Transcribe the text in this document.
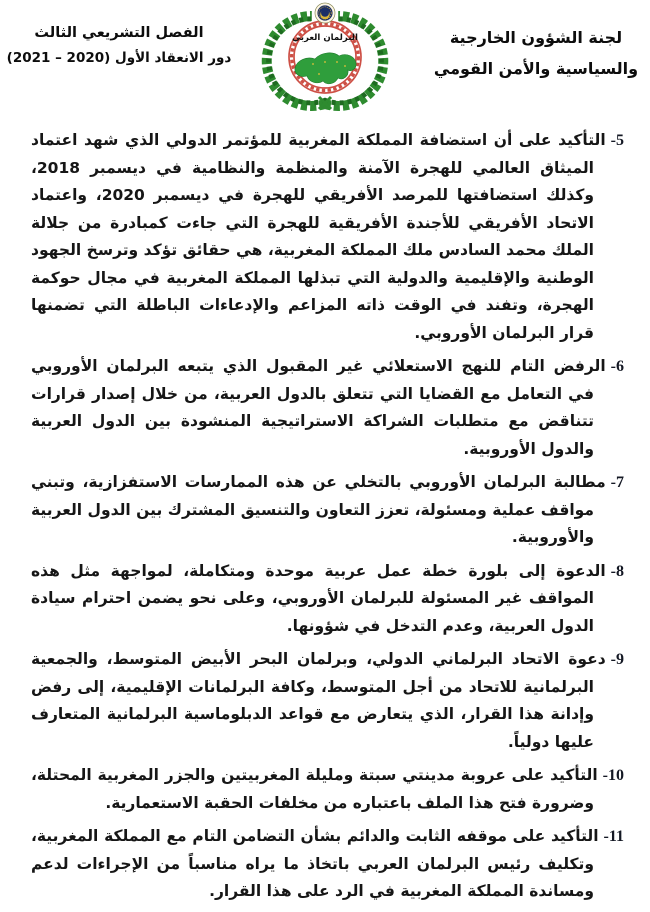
لجنة الشؤون الخارجية
والسياسية والأمن القومي
البرلمان العربي
الفصل التشريعي الثالث
دور الانعقاد الأول (2020 – 2021)

5-التأكيد على أن استضافة المملكة المغربية للمؤتمر الدولي الذي شهد اعتماد الميثاق العالمي للهجرة الآمنة والمنظمة والنظامية في ديسمبر 2018، وكذلك استضافتها للمرصد الأفريقي للهجرة في ديسمبر 2020، واعتماد الاتحاد الأفريقي للأجندة الأفريقية للهجرة التي جاءت كمبادرة من جلالة الملك محمد السادس ملك المملكة المغربية، هي حقائق تؤكد وترسخ الجهود الوطنية والإقليمية والدولية التي تبذلها المملكة المغربية في مجال حوكمة الهجرة، وتفند في الوقت ذاته المزاعم والإدعاءات الباطلة التي تضمنها قرار البرلمان الأوروبي.

6-الرفض التام للنهج الاستعلائي غير المقبول الذي يتبعه البرلمان الأوروبي في التعامل مع القضايا التي تتعلق بالدول العربية، من خلال إصدار قرارات تتناقض مع متطلبات الشراكة الاستراتيجية المنشودة بين الدول العربية والدول الأوروبية.

7-مطالبة البرلمان الأوروبي بالتخلي عن هذه الممارسات الاستفزازية، وتبني مواقف عملية ومسئولة، تعزز التعاون والتنسيق المشترك بين الدول العربية والأوروبية.

8-الدعوة إلى بلورة خطة عمل عربية موحدة ومتكاملة، لمواجهة مثل هذه المواقف غير المسئولة للبرلمان الأوروبي، وعلى نحو يضمن احترام سيادة الدول العربية، وعدم التدخل في شؤونها.

9-دعوة الاتحاد البرلماني الدولي، وبرلمان البحر الأبيض المتوسط، والجمعية البرلمانية للاتحاد من أجل المتوسط، وكافة البرلمانات الإقليمية، إلى رفض وإدانة هذا القرار، الذي يتعارض مع قواعد الدبلوماسية البرلمانية المتعارف عليها دولياً.

10-التأكيد على عروبة مدينتي سبتة ومليلة المغربيتين والجزر المغربية المحتلة، وضرورة فتح هذا الملف باعتباره من مخلفات الحقبة الاستعمارية.

11-التأكيد على موقفه الثابت والدائم بشأن التضامن التام مع المملكة المغربية، وتكليف رئيس البرلمان العربي باتخاذ ما يراه مناسباً من الإجراءات لدعم ومساندة المملكة المغربية في الرد على هذا القرار.
